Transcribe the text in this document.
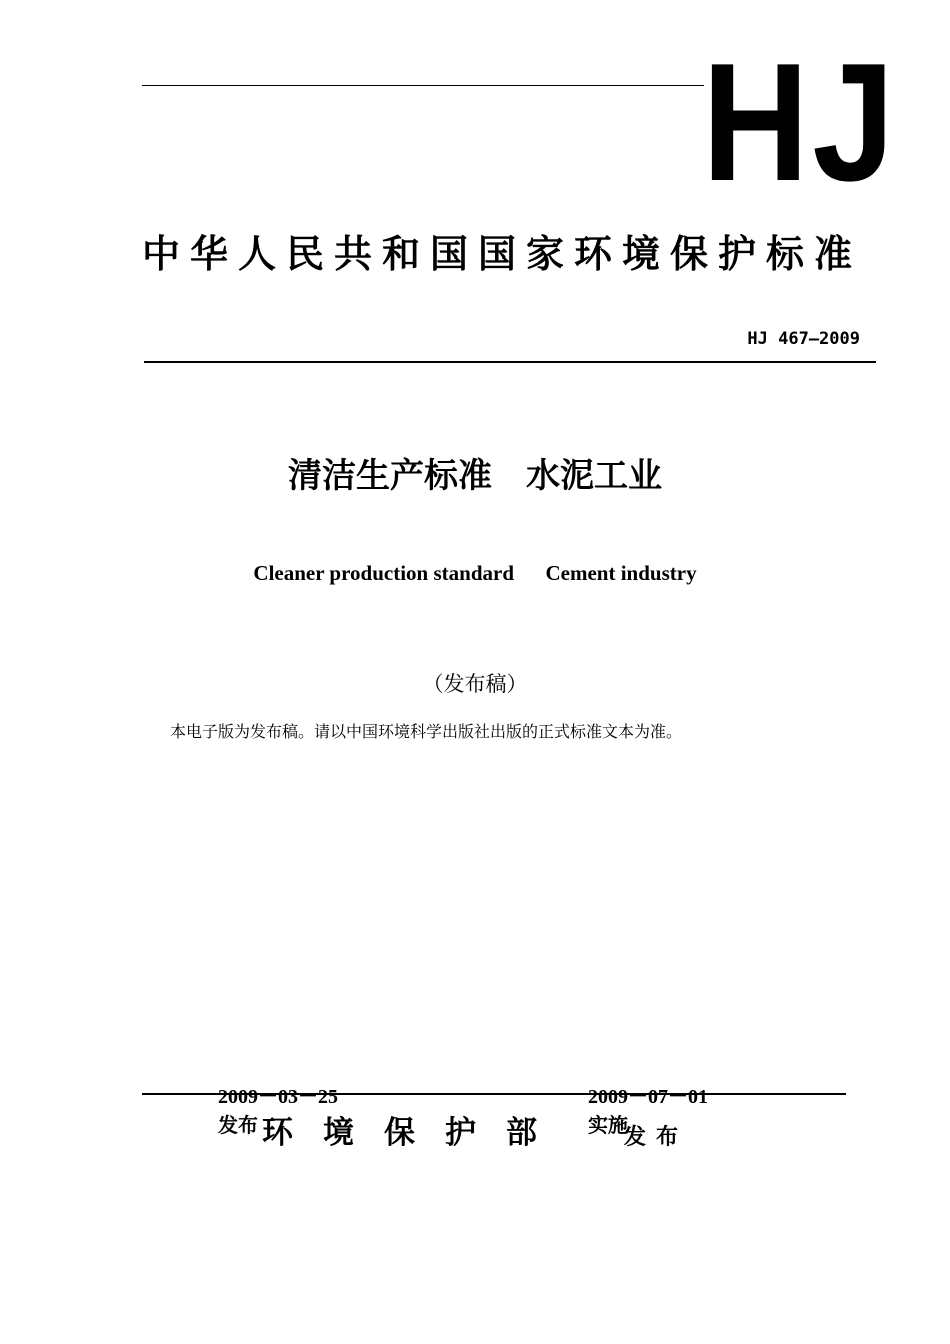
HJ
中华人民共和国国家环境保护标准
HJ 467—2009
清洁生产标准　水泥工业
Cleaner production standard      Cement industry
（发布稿）
本电子版为发布稿。请以中国环境科学出版社出版的正式标准文本为准。

2009－03－25
发布

2009－07－01
实施

环境保护部	发布
